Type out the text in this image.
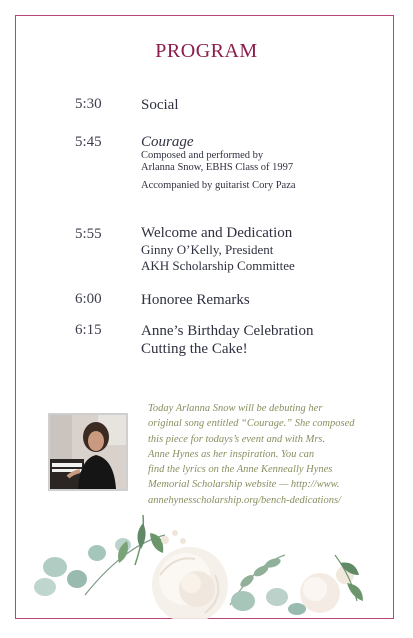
PROGRAM
5:30	Social
5:45	Courage
Composed and performed by
Arlanna Snow, EBHS Class of 1997
Accompanied by guitarist Cory Paza
5:55	Welcome and Dedication
Ginny O’Kelly, President
AKH Scholarship Committee
6:00	Honoree Remarks
6:15	Anne’s Birthday Celebration
Cutting the Cake!
Today Arlanna Snow will be debuting her
original song entitled “Courage.” She composed
this piece for todays’s event and with Mrs.
Anne Hynes as her inspiration. You can
find the lyrics on the Anne Kenneally Hynes
Memorial Scholarship website — http://www.
annehynesscholarship.org/bench-dedications/
